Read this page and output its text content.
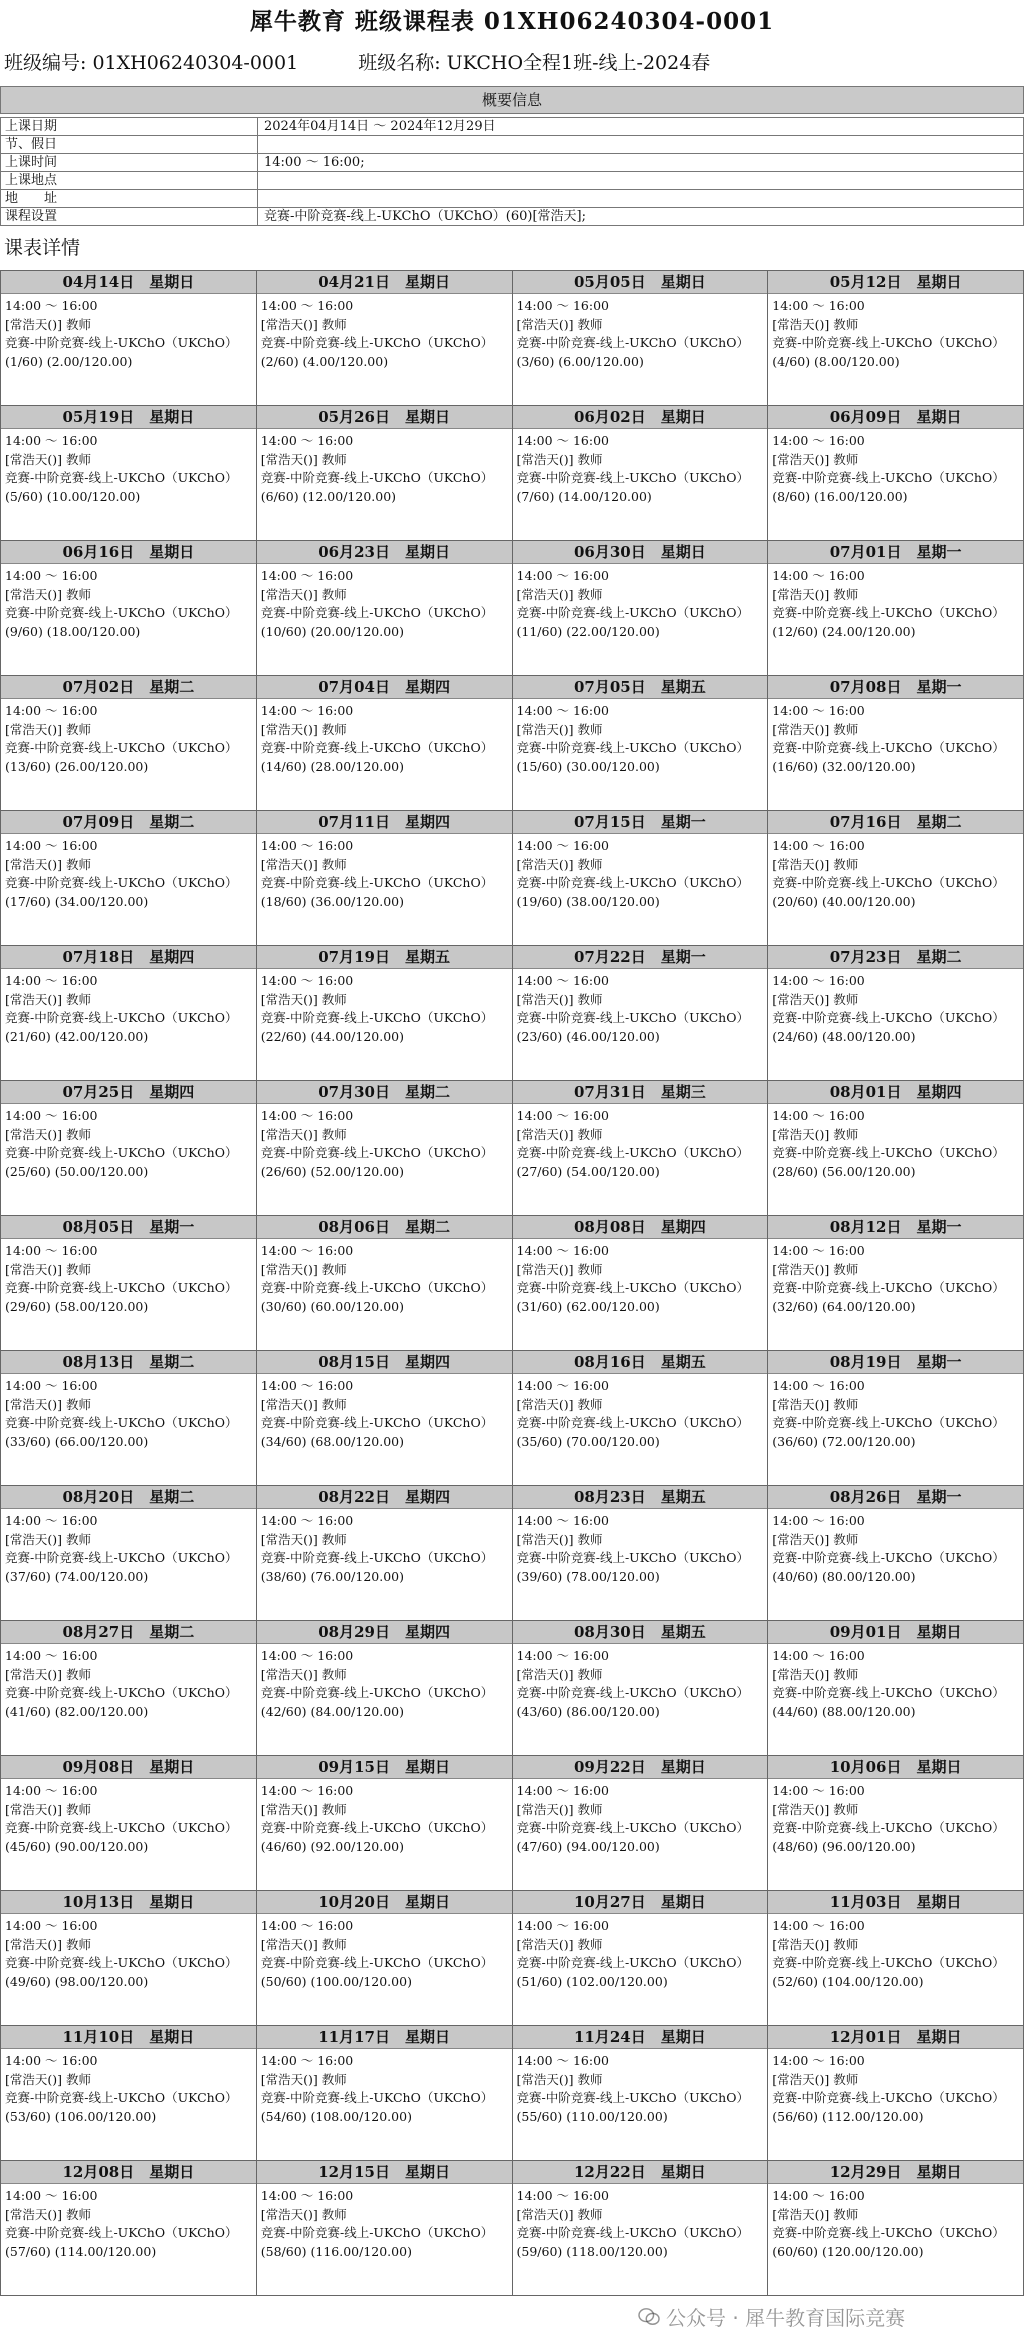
犀牛教育 班级课程表 01XH06240304-0001
班级编号: 01XH06240304-0001	班级名称: UKCHO全程1班-线上-2024春
概要信息
上课日期	2024年04月14日 ～ 2024年12月29日
节、假日
上课时间	14:00 ～ 16:00;
上课地点
地　　址
课程设置	竞赛-中阶竞赛-线上-UKChO（UKChO）(60)[常浩天];
课表详情
04月14日　星期日
14:00 ～ 16:00
[常浩天()] 教师
竞赛-中阶竞赛-线上-UKChO（UKChO）
(1/60) (2.00/120.00)
04月21日　星期日
14:00 ～ 16:00
[常浩天()] 教师
竞赛-中阶竞赛-线上-UKChO（UKChO）
(2/60) (4.00/120.00)
05月05日　星期日
14:00 ～ 16:00
[常浩天()] 教师
竞赛-中阶竞赛-线上-UKChO（UKChO）
(3/60) (6.00/120.00)
05月12日　星期日
14:00 ～ 16:00
[常浩天()] 教师
竞赛-中阶竞赛-线上-UKChO（UKChO）
(4/60) (8.00/120.00)
05月19日　星期日
14:00 ～ 16:00
[常浩天()] 教师
竞赛-中阶竞赛-线上-UKChO（UKChO）
(5/60) (10.00/120.00)
05月26日　星期日
14:00 ～ 16:00
[常浩天()] 教师
竞赛-中阶竞赛-线上-UKChO（UKChO）
(6/60) (12.00/120.00)
06月02日　星期日
14:00 ～ 16:00
[常浩天()] 教师
竞赛-中阶竞赛-线上-UKChO（UKChO）
(7/60) (14.00/120.00)
06月09日　星期日
14:00 ～ 16:00
[常浩天()] 教师
竞赛-中阶竞赛-线上-UKChO（UKChO）
(8/60) (16.00/120.00)
06月16日　星期日
14:00 ～ 16:00
[常浩天()] 教师
竞赛-中阶竞赛-线上-UKChO（UKChO）
(9/60) (18.00/120.00)
06月23日　星期日
14:00 ～ 16:00
[常浩天()] 教师
竞赛-中阶竞赛-线上-UKChO（UKChO）
(10/60) (20.00/120.00)
06月30日　星期日
14:00 ～ 16:00
[常浩天()] 教师
竞赛-中阶竞赛-线上-UKChO（UKChO）
(11/60) (22.00/120.00)
07月01日　星期一
14:00 ～ 16:00
[常浩天()] 教师
竞赛-中阶竞赛-线上-UKChO（UKChO）
(12/60) (24.00/120.00)
07月02日　星期二
14:00 ～ 16:00
[常浩天()] 教师
竞赛-中阶竞赛-线上-UKChO（UKChO）
(13/60) (26.00/120.00)
07月04日　星期四
14:00 ～ 16:00
[常浩天()] 教师
竞赛-中阶竞赛-线上-UKChO（UKChO）
(14/60) (28.00/120.00)
07月05日　星期五
14:00 ～ 16:00
[常浩天()] 教师
竞赛-中阶竞赛-线上-UKChO（UKChO）
(15/60) (30.00/120.00)
07月08日　星期一
14:00 ～ 16:00
[常浩天()] 教师
竞赛-中阶竞赛-线上-UKChO（UKChO）
(16/60) (32.00/120.00)
07月09日　星期二
14:00 ～ 16:00
[常浩天()] 教师
竞赛-中阶竞赛-线上-UKChO（UKChO）
(17/60) (34.00/120.00)
07月11日　星期四
14:00 ～ 16:00
[常浩天()] 教师
竞赛-中阶竞赛-线上-UKChO（UKChO）
(18/60) (36.00/120.00)
07月15日　星期一
14:00 ～ 16:00
[常浩天()] 教师
竞赛-中阶竞赛-线上-UKChO（UKChO）
(19/60) (38.00/120.00)
07月16日　星期二
14:00 ～ 16:00
[常浩天()] 教师
竞赛-中阶竞赛-线上-UKChO（UKChO）
(20/60) (40.00/120.00)
07月18日　星期四
14:00 ～ 16:00
[常浩天()] 教师
竞赛-中阶竞赛-线上-UKChO（UKChO）
(21/60) (42.00/120.00)
07月19日　星期五
14:00 ～ 16:00
[常浩天()] 教师
竞赛-中阶竞赛-线上-UKChO（UKChO）
(22/60) (44.00/120.00)
07月22日　星期一
14:00 ～ 16:00
[常浩天()] 教师
竞赛-中阶竞赛-线上-UKChO（UKChO）
(23/60) (46.00/120.00)
07月23日　星期二
14:00 ～ 16:00
[常浩天()] 教师
竞赛-中阶竞赛-线上-UKChO（UKChO）
(24/60) (48.00/120.00)
07月25日　星期四
14:00 ～ 16:00
[常浩天()] 教师
竞赛-中阶竞赛-线上-UKChO（UKChO）
(25/60) (50.00/120.00)
07月30日　星期二
14:00 ～ 16:00
[常浩天()] 教师
竞赛-中阶竞赛-线上-UKChO（UKChO）
(26/60) (52.00/120.00)
07月31日　星期三
14:00 ～ 16:00
[常浩天()] 教师
竞赛-中阶竞赛-线上-UKChO（UKChO）
(27/60) (54.00/120.00)
08月01日　星期四
14:00 ～ 16:00
[常浩天()] 教师
竞赛-中阶竞赛-线上-UKChO（UKChO）
(28/60) (56.00/120.00)
08月05日　星期一
14:00 ～ 16:00
[常浩天()] 教师
竞赛-中阶竞赛-线上-UKChO（UKChO）
(29/60) (58.00/120.00)
08月06日　星期二
14:00 ～ 16:00
[常浩天()] 教师
竞赛-中阶竞赛-线上-UKChO（UKChO）
(30/60) (60.00/120.00)
08月08日　星期四
14:00 ～ 16:00
[常浩天()] 教师
竞赛-中阶竞赛-线上-UKChO（UKChO）
(31/60) (62.00/120.00)
08月12日　星期一
14:00 ～ 16:00
[常浩天()] 教师
竞赛-中阶竞赛-线上-UKChO（UKChO）
(32/60) (64.00/120.00)
08月13日　星期二
14:00 ～ 16:00
[常浩天()] 教师
竞赛-中阶竞赛-线上-UKChO（UKChO）
(33/60) (66.00/120.00)
08月15日　星期四
14:00 ～ 16:00
[常浩天()] 教师
竞赛-中阶竞赛-线上-UKChO（UKChO）
(34/60) (68.00/120.00)
08月16日　星期五
14:00 ～ 16:00
[常浩天()] 教师
竞赛-中阶竞赛-线上-UKChO（UKChO）
(35/60) (70.00/120.00)
08月19日　星期一
14:00 ～ 16:00
[常浩天()] 教师
竞赛-中阶竞赛-线上-UKChO（UKChO）
(36/60) (72.00/120.00)
08月20日　星期二
14:00 ～ 16:00
[常浩天()] 教师
竞赛-中阶竞赛-线上-UKChO（UKChO）
(37/60) (74.00/120.00)
08月22日　星期四
14:00 ～ 16:00
[常浩天()] 教师
竞赛-中阶竞赛-线上-UKChO（UKChO）
(38/60) (76.00/120.00)
08月23日　星期五
14:00 ～ 16:00
[常浩天()] 教师
竞赛-中阶竞赛-线上-UKChO（UKChO）
(39/60) (78.00/120.00)
08月26日　星期一
14:00 ～ 16:00
[常浩天()] 教师
竞赛-中阶竞赛-线上-UKChO（UKChO）
(40/60) (80.00/120.00)
08月27日　星期二
14:00 ～ 16:00
[常浩天()] 教师
竞赛-中阶竞赛-线上-UKChO（UKChO）
(41/60) (82.00/120.00)
08月29日　星期四
14:00 ～ 16:00
[常浩天()] 教师
竞赛-中阶竞赛-线上-UKChO（UKChO）
(42/60) (84.00/120.00)
08月30日　星期五
14:00 ～ 16:00
[常浩天()] 教师
竞赛-中阶竞赛-线上-UKChO（UKChO）
(43/60) (86.00/120.00)
09月01日　星期日
14:00 ～ 16:00
[常浩天()] 教师
竞赛-中阶竞赛-线上-UKChO（UKChO）
(44/60) (88.00/120.00)
09月08日　星期日
14:00 ～ 16:00
[常浩天()] 教师
竞赛-中阶竞赛-线上-UKChO（UKChO）
(45/60) (90.00/120.00)
09月15日　星期日
14:00 ～ 16:00
[常浩天()] 教师
竞赛-中阶竞赛-线上-UKChO（UKChO）
(46/60) (92.00/120.00)
09月22日　星期日
14:00 ～ 16:00
[常浩天()] 教师
竞赛-中阶竞赛-线上-UKChO（UKChO）
(47/60) (94.00/120.00)
10月06日　星期日
14:00 ～ 16:00
[常浩天()] 教师
竞赛-中阶竞赛-线上-UKChO（UKChO）
(48/60) (96.00/120.00)
10月13日　星期日
14:00 ～ 16:00
[常浩天()] 教师
竞赛-中阶竞赛-线上-UKChO（UKChO）
(49/60) (98.00/120.00)
10月20日　星期日
14:00 ～ 16:00
[常浩天()] 教师
竞赛-中阶竞赛-线上-UKChO（UKChO）
(50/60) (100.00/120.00)
10月27日　星期日
14:00 ～ 16:00
[常浩天()] 教师
竞赛-中阶竞赛-线上-UKChO（UKChO）
(51/60) (102.00/120.00)
11月03日　星期日
14:00 ～ 16:00
[常浩天()] 教师
竞赛-中阶竞赛-线上-UKChO（UKChO）
(52/60) (104.00/120.00)
11月10日　星期日
14:00 ～ 16:00
[常浩天()] 教师
竞赛-中阶竞赛-线上-UKChO（UKChO）
(53/60) (106.00/120.00)
11月17日　星期日
14:00 ～ 16:00
[常浩天()] 教师
竞赛-中阶竞赛-线上-UKChO（UKChO）
(54/60) (108.00/120.00)
11月24日　星期日
14:00 ～ 16:00
[常浩天()] 教师
竞赛-中阶竞赛-线上-UKChO（UKChO）
(55/60) (110.00/120.00)
12月01日　星期日
14:00 ～ 16:00
[常浩天()] 教师
竞赛-中阶竞赛-线上-UKChO（UKChO）
(56/60) (112.00/120.00)
12月08日　星期日
14:00 ～ 16:00
[常浩天()] 教师
竞赛-中阶竞赛-线上-UKChO（UKChO）
(57/60) (114.00/120.00)
12月15日　星期日
14:00 ～ 16:00
[常浩天()] 教师
竞赛-中阶竞赛-线上-UKChO（UKChO）
(58/60) (116.00/120.00)
12月22日　星期日
14:00 ～ 16:00
[常浩天()] 教师
竞赛-中阶竞赛-线上-UKChO（UKChO）
(59/60) (118.00/120.00)
12月29日　星期日
14:00 ～ 16:00
[常浩天()] 教师
竞赛-中阶竞赛-线上-UKChO（UKChO）
(60/60) (120.00/120.00)
公众号 · 犀牛教育国际竞赛
